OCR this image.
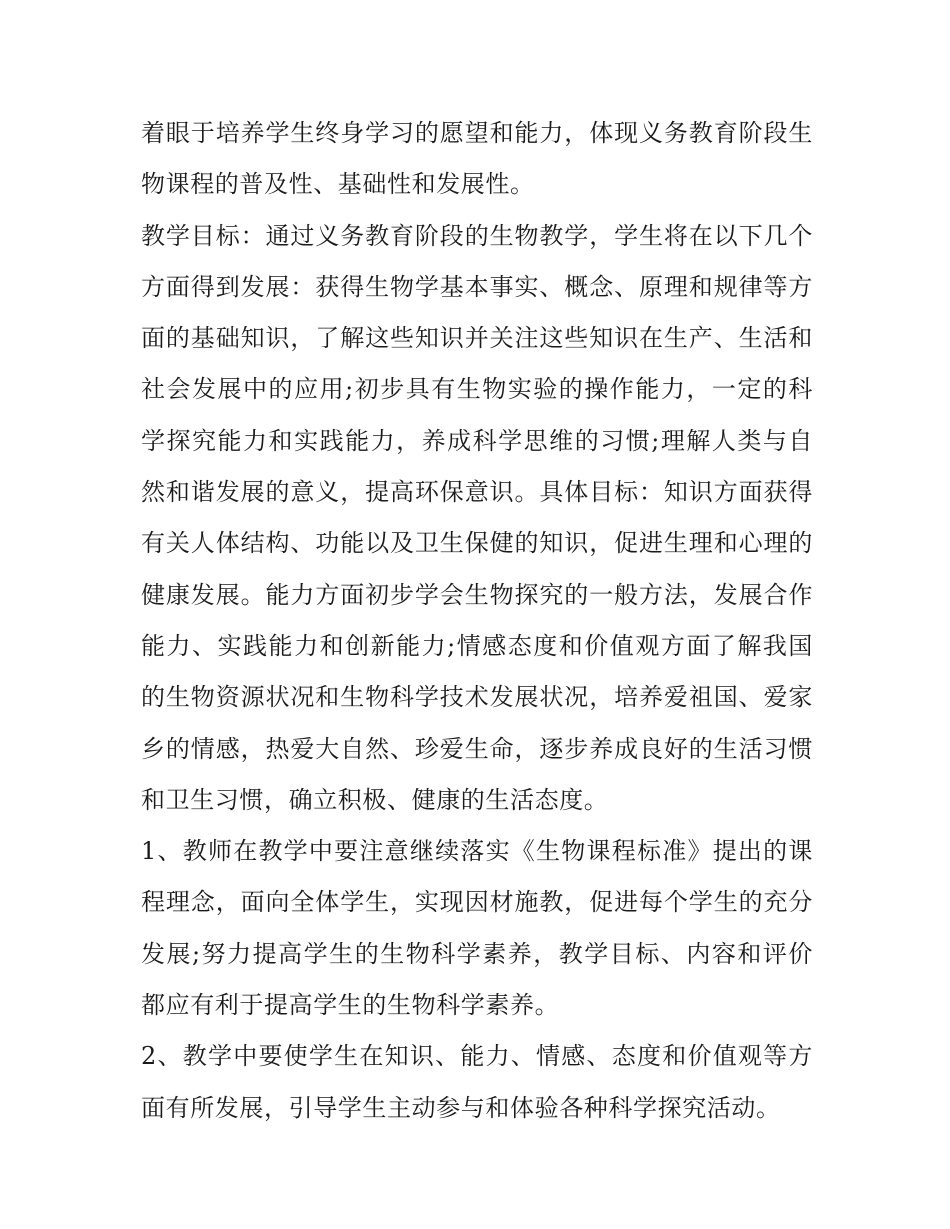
着眼于培养学生终身学习的愿望和能力，体现义务教育阶段生物课程的普及性、基础性和发展性。

教学目标：通过义务教育阶段的生物教学，学生将在以下几个方面得到发展：获得生物学基本事实、概念、原理和规律等方面的基础知识，了解这些知识并关注这些知识在生产、生活和社会发展中的应用;初步具有生物实验的操作能力，一定的科学探究能力和实践能力，养成科学思维的习惯;理解人类与自然和谐发展的意义，提高环保意识。具体目标：知识方面获得有关人体结构、功能以及卫生保健的知识，促进生理和心理的健康发展。能力方面初步学会生物探究的一般方法，发展合作能力、实践能力和创新能力;情感态度和价值观方面了解我国的生物资源状况和生物科学技术发展状况，培养爱祖国、爱家乡的情感，热爱大自然、珍爱生命，逐步养成良好的生活习惯和卫生习惯，确立积极、健康的生活态度。

1、教师在教学中要注意继续落实《生物课程标准》提出的课程理念，面向全体学生，实现因材施教，促进每个学生的充分发展;努力提高学生的生物科学素养，教学目标、内容和评价都应有利于提高学生的生物科学素养。

2、教学中要使学生在知识、能力、情感、态度和价值观等方面有所发展，引导学生主动参与和体验各种科学探究活动。
